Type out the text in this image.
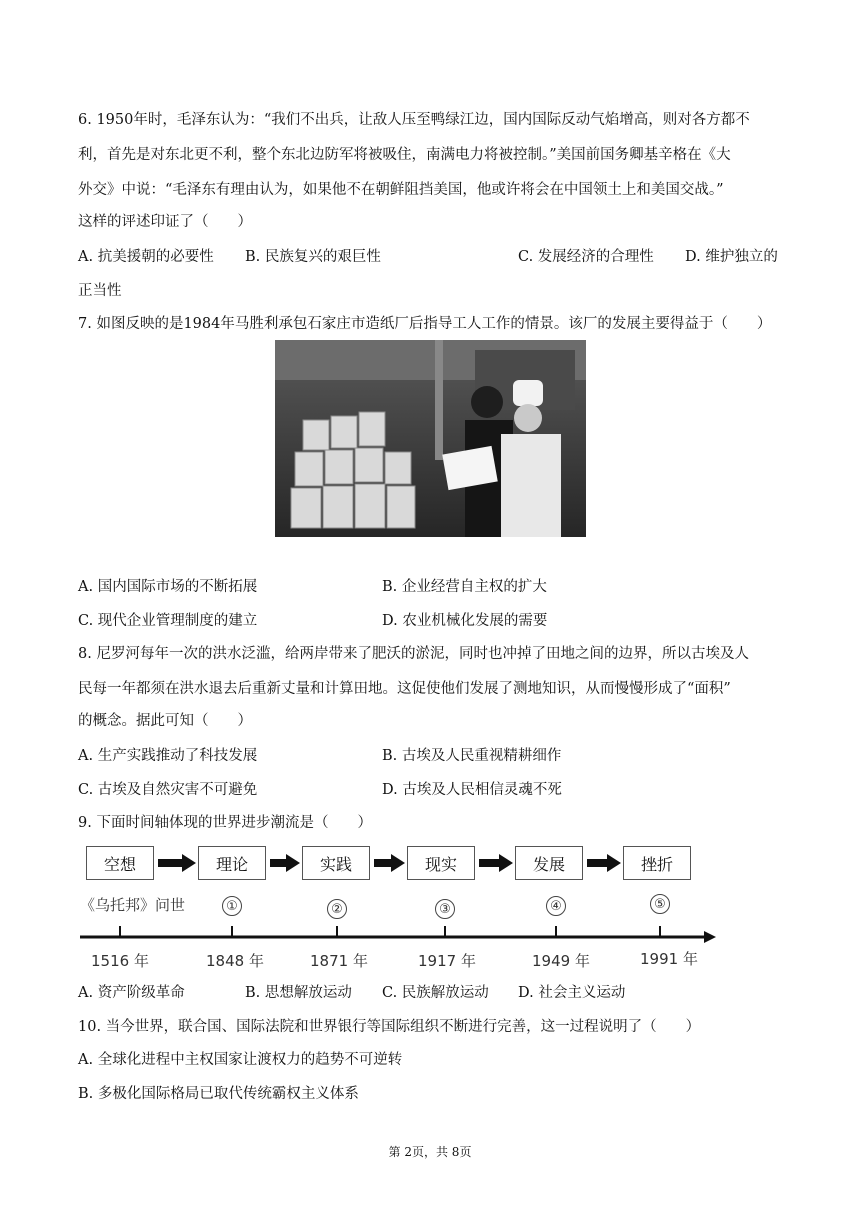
6. 1950年时，毛泽东认为：“我们不出兵，让敌人压至鸭绿江边，国内国际反动气焰增高，则对各方都不
利，首先是对东北更不利，整个东北边防军将被吸住，南满电力将被控制。”美国前国务卿基辛格在《大
外交》中说：“毛泽东有理由认为，如果他不在朝鲜阻挡美国，他或许将会在中国领土上和美国交战。”
这样的评述印证了（　　）
A. 抗美援朝的必要性 B. 民族复兴的艰巨性	C. 发展经济的合理性 D. 维护独立的
正当性
7. 如图反映的是1984年马胜利承包石家庄市造纸厂后指导工人工作的情景。该厂的发展主要得益于（　　）
A. 国内国际市场的不断拓展	B. 企业经营自主权的扩大
C. 现代企业管理制度的建立	D. 农业机械化发展的需要
8. 尼罗河每年一次的洪水泛滥，给两岸带来了肥沃的淤泥，同时也冲掉了田地之间的边界，所以古埃及人
民每一年都须在洪水退去后重新丈量和计算田地。这促使他们发展了测地知识，从而慢慢形成了“面积”
的概念。据此可知（　　）
A. 生产实践推动了科技发展	B. 古埃及人民重视精耕细作
C. 古埃及自然灾害不可避免	D. 古埃及人民相信灵魂不死
9. 下面时间轴体现的世界进步潮流是（　　）
空想	理论	实践	现实	发展	挫折
《乌托邦》问世	①	②	③	④	⑤
1516 年	1848 年	1871 年	1917 年	1949 年	1991 年
A. 资产阶级革命	B. 思想解放运动 C. 民族解放运动 D. 社会主义运动
10. 当今世界，联合国、国际法院和世界银行等国际组织不断进行完善，这一过程说明了（　　）
A. 全球化进程中主权国家让渡权力的趋势不可逆转
B. 多极化国际格局已取代传统霸权主义体系
第 2页，共 8页
